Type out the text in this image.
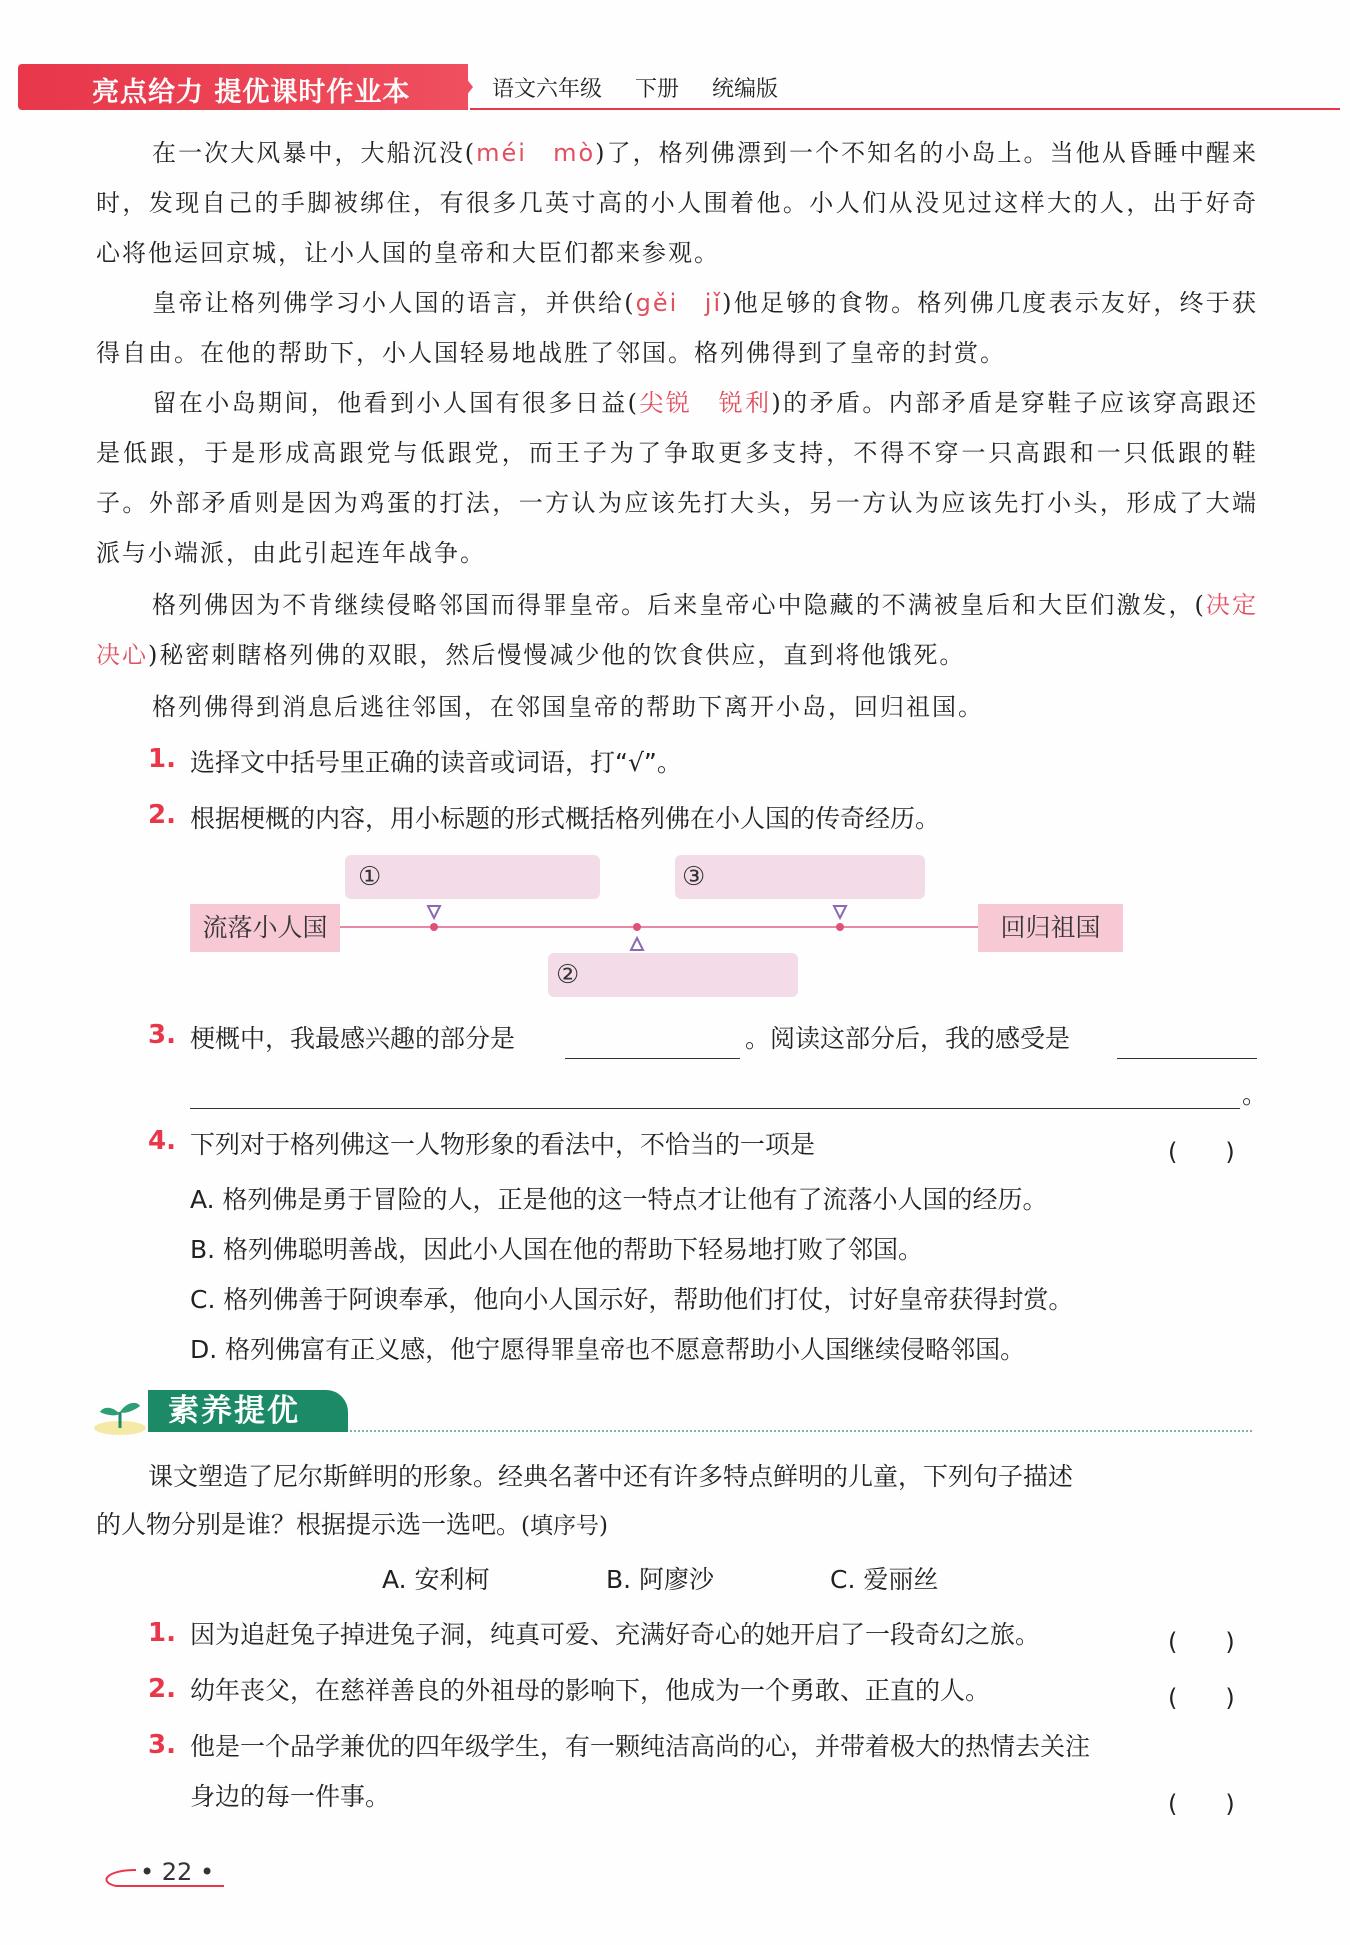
亮点给力 提优课时作业本	语文六年级 下册 统编版
在一次大风暴中，大船沉没(méi　 mò)了，格列佛漂到一个不知名的小岛上。当他从昏睡中醒来时，发现自己的手脚被绑住，有很多几英寸高的小人围着他。小人们从没见过这样大的人，出于好奇心将他运回京城，让小人国的皇帝和大臣们都来参观。
皇帝让格列佛学习小人国的语言，并供给(gěi　 jǐ)他足够的食物。格列佛几度表示友好，终于获得自由。在他的帮助下，小人国轻易地战胜了邻国。格列佛得到了皇帝的封赏。
留在小岛期间，他看到小人国有很多日益(尖锐　 锐利)的矛盾。内部矛盾是穿鞋子应该穿高跟还是低跟，于是形成高跟党与低跟党，而王子为了争取更多支持，不得不穿一只高跟和一只低跟的鞋子。外部矛盾则是因为鸡蛋的打法，一方认为应该先打大头，另一方认为应该先打小头，形成了大端派与小端派，由此引起连年战争。
格列佛因为不肯继续侵略邻国而得罪皇帝。后来皇帝心中隐藏的不满被皇后和大臣们激发，(决定　决心)秘密刺瞎格列佛的双眼，然后慢慢减少他的饮食供应，直到将他饿死。
格列佛得到消息后逃往邻国，在邻国皇帝的帮助下离开小岛，回归祖国。
1. 选择文中括号里正确的读音或词语，打“√”。
2. 根据梗概的内容，用小标题的形式概括格列佛在小人国的传奇经历。
①	③
②
流落小人国	回归祖国
3. 梗概中，我最感兴趣的部分是	。阅读这部分后，我的感受是
。
4. 下列对于格列佛这一人物形象的看法中，不恰当的一项是	(　　)
A. 格列佛是勇于冒险的人，正是他的这一特点才让他有了流落小人国的经历。
B. 格列佛聪明善战，因此小人国在他的帮助下轻易地打败了邻国。
C. 格列佛善于阿谀奉承，他向小人国示好，帮助他们打仗，讨好皇帝获得封赏。
D. 格列佛富有正义感，他宁愿得罪皇帝也不愿意帮助小人国继续侵略邻国。
素养提优
课文塑造了尼尔斯鲜明的形象。经典名著中还有许多特点鲜明的儿童，下列句子描述
的人物分别是谁？根据提示选一选吧。(填序号)
A. 安利柯	B. 阿廖沙	C. 爱丽丝
1. 因为追赶兔子掉进兔子洞，纯真可爱、充满好奇心的她开启了一段奇幻之旅。	(　　)
2. 幼年丧父，在慈祥善良的外祖母的影响下，他成为一个勇敢、正直的人。	(　　)
3. 他是一个品学兼优的四年级学生，有一颗纯洁高尚的心，并带着极大的热情去关注
身边的每一件事。	(　　)
• 22 •
